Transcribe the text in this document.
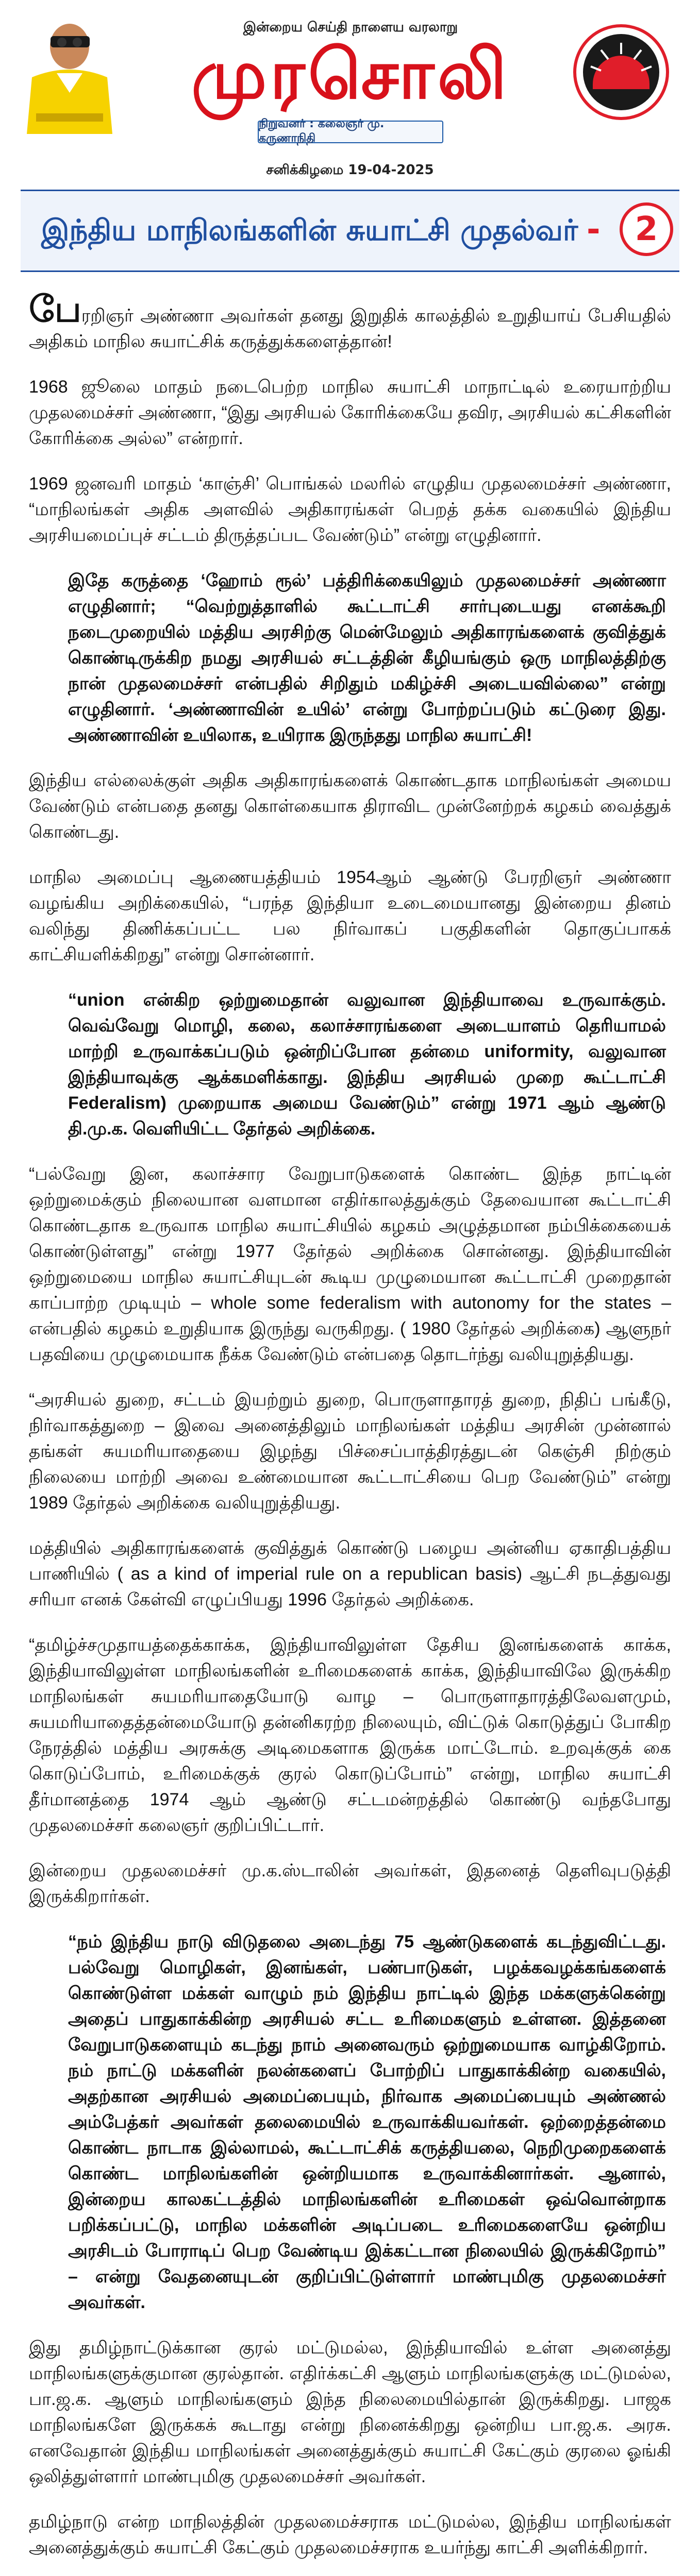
இன்றைய செய்தி நாளைய வரலாறு
முரசொலி
நிறுவனர் : கலைஞர் மு. கருணாநிதி
சனிக்கிழமை 19-04-2025
இந்திய மாநிலங்களின் சுயாட்சி முதல்வர் -	2

பேரறிஞர் அண்ணா அவர்கள் தனது இறுதிக் காலத்தில் உறுதியாய் பேசியதில் அதிகம் மாநில சுயாட்சிக் கருத்துக்களைத்தான்!

1968 ஜூலை மாதம் நடைபெற்ற மாநில சுயாட்சி மாநாட்டில் உரையாற்றிய முதலமைச்சர் அண்ணா, “இது அரசியல் கோரிக்கையே தவிர, அரசியல் கட்சிகளின் கோரிக்கை அல்ல” என்றார்.

1969 ஜனவரி மாதம் ‘காஞ்சி’ பொங்கல் மலரில் எழுதிய முதலமைச்சர் அண்ணா, “மாநிலங்கள் அதிக அளவில் அதிகாரங்கள் பெறத் தக்க வகையில் இந்திய அரசியமைப்புச் சட்டம் திருத்தப்பட வேண்டும்” என்று எழுதினார்.

இதே கருத்தை ‘ஹோம் ரூல்’ பத்திரிக்கையிலும் முதலமைச்சர் அண்ணா எழுதினார்; “வெற்றுத்தாளில் கூட்டாட்சி சார்புடையது எனக்கூறி நடைமுறையில் மத்திய அரசிற்கு மென்மேலும் அதிகாரங்களைக் குவித்துக் கொண்டிருக்கிற நமது அரசியல் சட்டத்தின் கீழியங்கும் ஒரு மாநிலத்திற்கு நான் முதலமைச்சர் என்பதில் சிறிதும் மகிழ்ச்சி அடையவில்லை” என்று எழுதினார். ‘அண்ணாவின் உயில்’ என்று போற்றப்படும் கட்டுரை இது. அண்ணாவின் உயிலாக, உயிராக இருந்தது மாநில சுயாட்சி!

இந்திய எல்லைக்குள் அதிக அதிகாரங்களைக் கொண்டதாக மாநிலங்கள் அமைய வேண்டும் என்பதை தனது கொள்கையாக திராவிட முன்னேற்றக் கழகம் வைத்துக் கொண்டது.

மாநில அமைப்பு ஆணையத்தியம் 1954ஆம் ஆண்டு பேரறிஞர் அண்ணா வழங்கிய அறிக்கையில், “பரந்த இந்தியா உடைமையானது இன்றைய தினம் வலிந்து திணிக்கப்பட்ட பல நிர்வாகப் பகுதிகளின் தொகுப்பாகக் காட்சியளிக்கிறது” என்று சொன்னார்.

“union என்கிற ஒற்றுமைதான் வலுவான இந்தியாவை உருவாக்கும். வெவ்வேறு மொழி, கலை, கலாச்சாரங்களை அடையாளம் தெரியாமல் மாற்றி உருவாக்கப்படும் ஒன்றிப்போன தன்மை uniformity, வலுவான இந்தியாவுக்கு ஆக்கமளிக்காது. இந்திய அரசியல் முறை கூட்டாட்சி Federalism) முறையாக அமைய வேண்டும்” என்று 1971 ஆம் ஆண்டு தி.மு.க. வெளியிட்ட தேர்தல் அறிக்கை.

“பல்வேறு இன, கலாச்சார வேறுபாடுகளைக் கொண்ட இந்த நாட்டின் ஒற்றுமைக்கும் நிலையான வளமான எதிர்காலத்துக்கும் தேவையான கூட்டாட்சி கொண்டதாக உருவாக மாநில சுயாட்சியில் கழகம் அழுத்தமான நம்பிக்கையைக் கொண்டுள்ளது” என்று 1977 தேர்தல் அறிக்கை சொன்னது. இந்தியாவின் ஒற்றுமையை மாநில சுயாட்சியுடன் கூடிய முழுமையான கூட்டாட்சி முறைதான் காப்பாற்ற முடியும் – whole some federalism with autonomy for the states – என்பதில் கழகம் உறுதியாக இருந்து வருகிறது. ( 1980 தேர்தல் அறிக்கை) ஆளுநர் பதவியை முழுமையாக நீக்க வேண்டும் என்பதை தொடர்ந்து வலியுறுத்தியது.

“அரசியல் துறை, சட்டம் இயற்றும் துறை, பொருளாதாரத் துறை, நிதிப் பங்கீடு, நிர்வாகத்துறை – இவை அனைத்திலும் மாநிலங்கள் மத்திய அரசின் முன்னால் தங்கள் சுயமரியாதையை இழந்து பிச்சைப்பாத்திரத்துடன் கெஞ்சி நிற்கும் நிலையை மாற்றி அவை உண்மையான கூட்டாட்சியை பெற வேண்டும்” என்று 1989 தேர்தல் அறிக்கை வலியுறுத்தியது.

மத்தியில் அதிகாரங்களைக் குவித்துக் கொண்டு பழைய அன்னிய ஏகாதிபத்திய பாணியில் ( as a kind of imperial rule on a republican basis) ஆட்சி நடத்துவது சரியா எனக் கேள்வி எழுப்பியது 1996 தேர்தல் அறிக்கை.

“தமிழ்ச்சமுதாயத்தைக்காக்க, இந்தியாவிலுள்ள தேசிய இனங்களைக் காக்க, இந்தியாவிலுள்ள மாநிலங்களின் உரிமைகளைக் காக்க, இந்தியாவிலே இருக்கிற மாநிலங்கள் சுயமரியாதையோடு வாழ – பொருளாதாரத்திலேவளமும், சுயமரியாதைத்தன்மையோடு தன்னிகரற்ற நிலையும், விட்டுக் கொடுத்துப் போகிற நேரத்தில் மத்திய அரசுக்கு அடிமைகளாக இருக்க மாட்டோம். உறவுக்குக் கை கொடுப்போம், உரிமைக்குக் குரல் கொடுப்போம்” என்று, மாநில சுயாட்சி தீர்மானத்தை 1974 ஆம் ஆண்டு சட்டமன்றத்தில் கொண்டு வந்தபோது முதலமைச்சர் கலைஞர் குறிப்பிட்டார்.

இன்றைய முதலமைச்சர் மு.க.ஸ்டாலின் அவர்கள், இதனைத் தெளிவுபடுத்தி இருக்கிறார்கள்.

“நம் இந்திய நாடு விடுதலை அடைந்து 75 ஆண்டுகளைக் கடந்துவிட்டது. பல்வேறு மொழிகள், இனங்கள், பண்பாடுகள், பழக்கவழக்கங்களைக் கொண்டுள்ள மக்கள் வாழும் நம் இந்திய நாட்டில் இந்த மக்களுக்கென்று அதைப் பாதுகாக்கின்ற அரசியல் சட்ட உரிமைகளும் உள்ளன. இத்தனை வேறுபாடுகளையும் கடந்து நாம் அனைவரும் ஒற்றுமையாக வாழ்கிறோம். நம் நாட்டு மக்களின் நலன்களைப் போற்றிப் பாதுகாக்கின்ற வகையில், அதற்கான அரசியல் அமைப்பையும், நிர்வாக அமைப்பையும் அண்ணல் அம்பேத்கர் அவர்கள் தலைமையில் உருவாக்கியவர்கள். ஒற்றைத்தன்மை கொண்ட நாடாக இல்லாமல், கூட்டாட்சிக் கருத்தியலை, நெறிமுறைகளைக் கொண்ட மாநிலங்களின் ஒன்றியமாக உருவாக்கினார்கள். ஆனால், இன்றைய காலகட்டத்தில் மாநிலங்களின் உரிமைகள் ஒவ்வொன்றாக பறிக்கப்பட்டு, மாநில மக்களின் அடிப்படை உரிமைகளையே ஒன்றிய அரசிடம் போராடிப் பெற வேண்டிய இக்கட்டான நிலையில் இருக்கிறோம்” – என்று வேதனையுடன் குறிப்பிட்டுள்ளார் மாண்புமிகு முதலமைச்சர் அவர்கள்.

இது தமிழ்நாட்டுக்கான குரல் மட்டுமல்ல, இந்தியாவில் உள்ள அனைத்து மாநிலங்களுக்குமான குரல்தான். எதிர்க்கட்சி ஆளும் மாநிலங்களுக்கு மட்டுமல்ல, பா.ஜ.க. ஆளும் மாநிலங்களும் இந்த நிலைமையில்தான் இருக்கிறது. பாஜக மாநிலங்களே இருக்கக் கூடாது என்று நினைக்கிறது ஒன்றிய பா.ஜ.க. அரசு. எனவேதான் இந்திய மாநிலங்கள் அனைத்துக்கும் சுயாட்சி கேட்கும் குரலை ஓங்கி ஒலித்துள்ளார் மாண்புமிகு முதலமைச்சர் அவர்கள்.

தமிழ்நாடு என்ற மாநிலத்தின் முதலமைச்சராக மட்டுமல்ல, இந்திய மாநிலங்கள் அனைத்துக்கும் சுயாட்சி கேட்கும் முதலமைச்சராக உயர்ந்து காட்சி அளிக்கிறார்.
